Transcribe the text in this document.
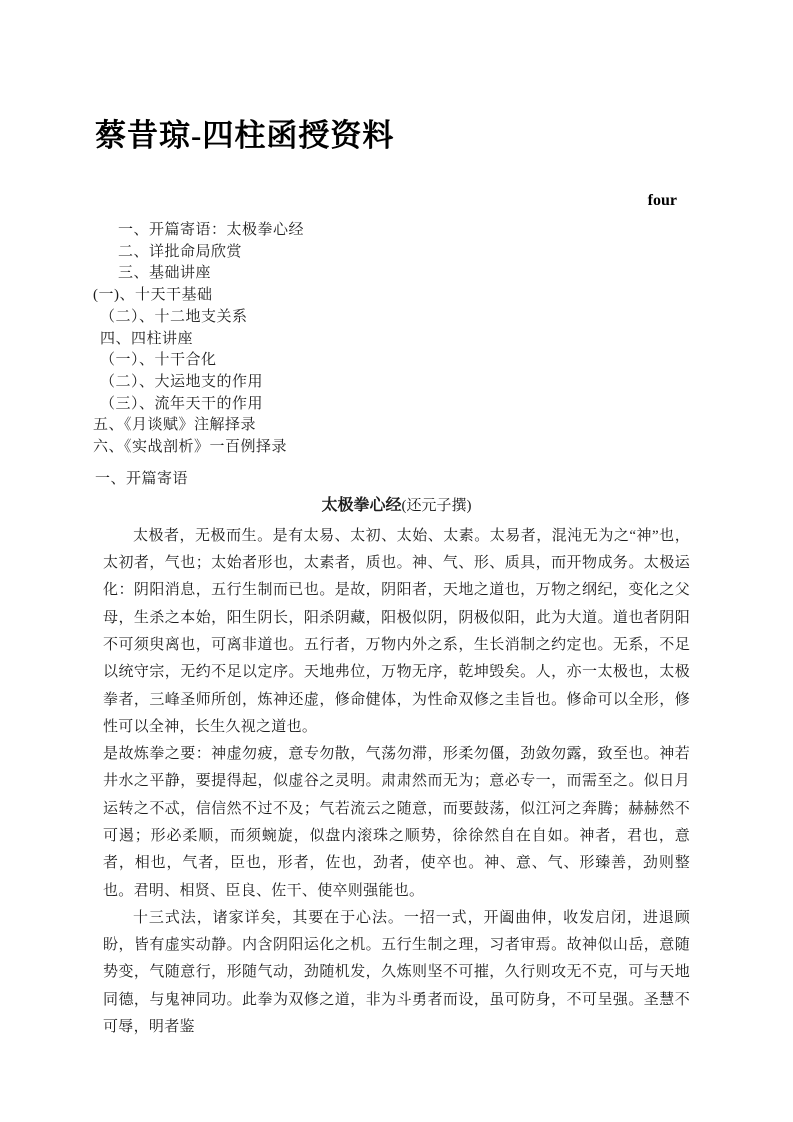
蔡昔琼-四柱函授资料
four
一、开篇寄语：太极拳心经
二、详批命局欣赏
三、基础讲座
(一)、十天干基础
（二）、十二地支关系
四、四柱讲座
（一）、十干合化
（二）、大运地支的作用
（三）、流年天干的作用
五、《月谈赋》注解择录
六、《实战剖析》一百例择录
一、开篇寄语
太极拳心经(还元子撰)

太极者，无极而生。是有太易、太初、太始、太素。太易者，混沌无为之“神”也，太初者，气也；太始者形也，太素者，质也。神、气、形、质具，而开物成务。太极运化：阴阳消息，五行生制而已也。是故，阴阳者，天地之道也，万物之纲纪，变化之父母，生杀之本始，阳生阴长，阳杀阴藏，阳极似阴，阴极似阳，此为大道。道也者阴阳不可须臾离也，可离非道也。五行者，万物内外之系，生长消制之约定也。无系，不足以统守宗，无约不足以定序。天地弗位，万物无序，乾坤毁矣。人，亦一太极也，太极拳者，三峰圣师所创，炼神还虚，修命健体，为性命双修之圭旨也。修命可以全形，修性可以全神，长生久视之道也。

是故炼拳之要：神虚勿疲，意专勿散，气荡勿滞，形柔勿僵，劲敛勿露，致至也。神若井水之平静，要提得起，似虚谷之灵明。肃肃然而无为；意必专一，而需至之。似日月运转之不忒，信信然不过不及；气若流云之随意，而要鼓荡，似江河之奔腾；赫赫然不可遏；形必柔顺，而须蜿旋，似盘内滚珠之顺势，徐徐然自在自如。神者，君也，意者，相也，气者，臣也，形者，佐也，劲者，使卒也。神、意、气、形臻善，劲则整也。君明、相贤、臣良、佐干、使卒则强能也。

十三式法，诸家详矣，其要在于心法。一招一式，开阖曲伸，收发启闭，进退顾盼，皆有虚实动静。内含阴阳运化之机。五行生制之理，习者审焉。故神似山岳，意随势变，气随意行，形随气动，劲随机发，久炼则坚不可摧，久行则攻无不克，可与天地同德，与鬼神同功。此拳为双修之道，非为斗勇者而设，虽可防身，不可呈强。圣慧不可辱，明者鉴
